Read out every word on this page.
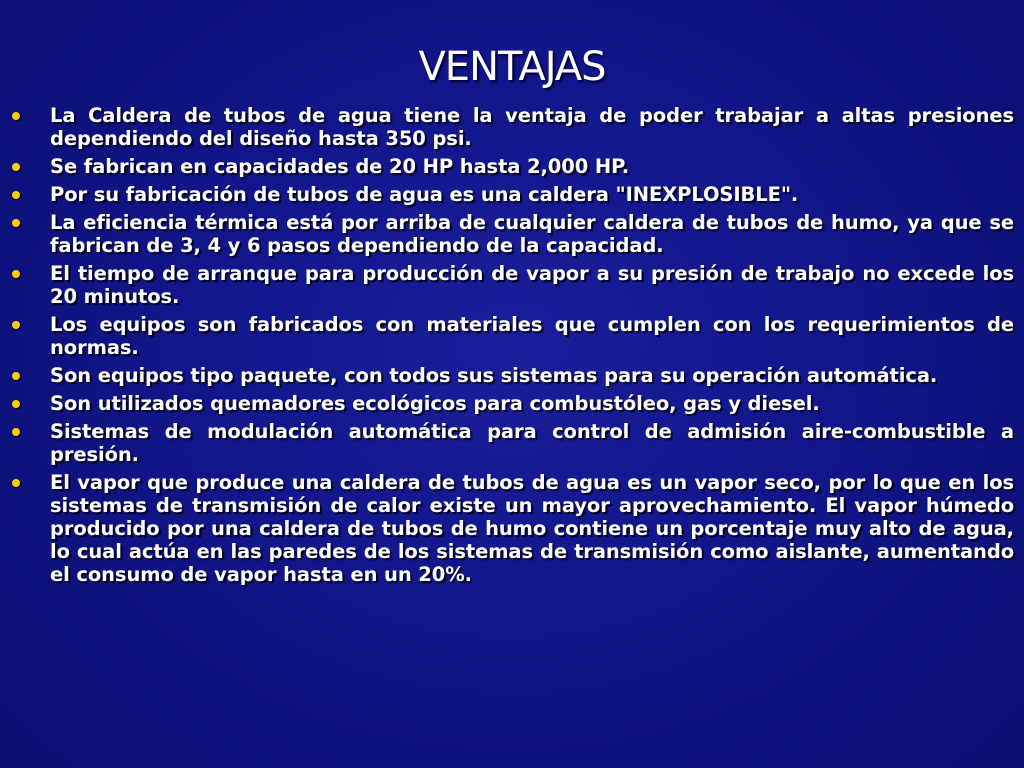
VENTAJAS
La Caldera de tubos de agua tiene la ventaja de poder trabajar a altas presiones dependiendo del diseño hasta 350 psi.
Se fabrican en capacidades de 20 HP hasta 2,000 HP.
Por su fabricación de tubos de agua es una caldera "INEXPLOSIBLE".
La eficiencia térmica está por arriba de cualquier caldera de tubos de humo, ya que se fabrican de 3, 4 y 6 pasos dependiendo de la capacidad.
El tiempo de arranque para producción de vapor a su presión de trabajo no excede los 20 minutos.
Los equipos son fabricados con materiales que cumplen con los requerimientos de normas.
Son equipos tipo paquete, con todos sus sistemas para su operación automática.
Son utilizados quemadores ecológicos para combustóleo, gas y diesel.
Sistemas de modulación automática para control de admisión aire-combustible a presión.
El vapor que produce una caldera de tubos de agua es un vapor seco, por lo que en los sistemas de transmisión de calor existe un mayor aprovechamiento. El vapor húmedo producido por una caldera de tubos de humo contiene un porcentaje muy alto de agua, lo cual actúa en las paredes de los sistemas de transmisión como aislante, aumentando el consumo de vapor hasta en un 20%.
